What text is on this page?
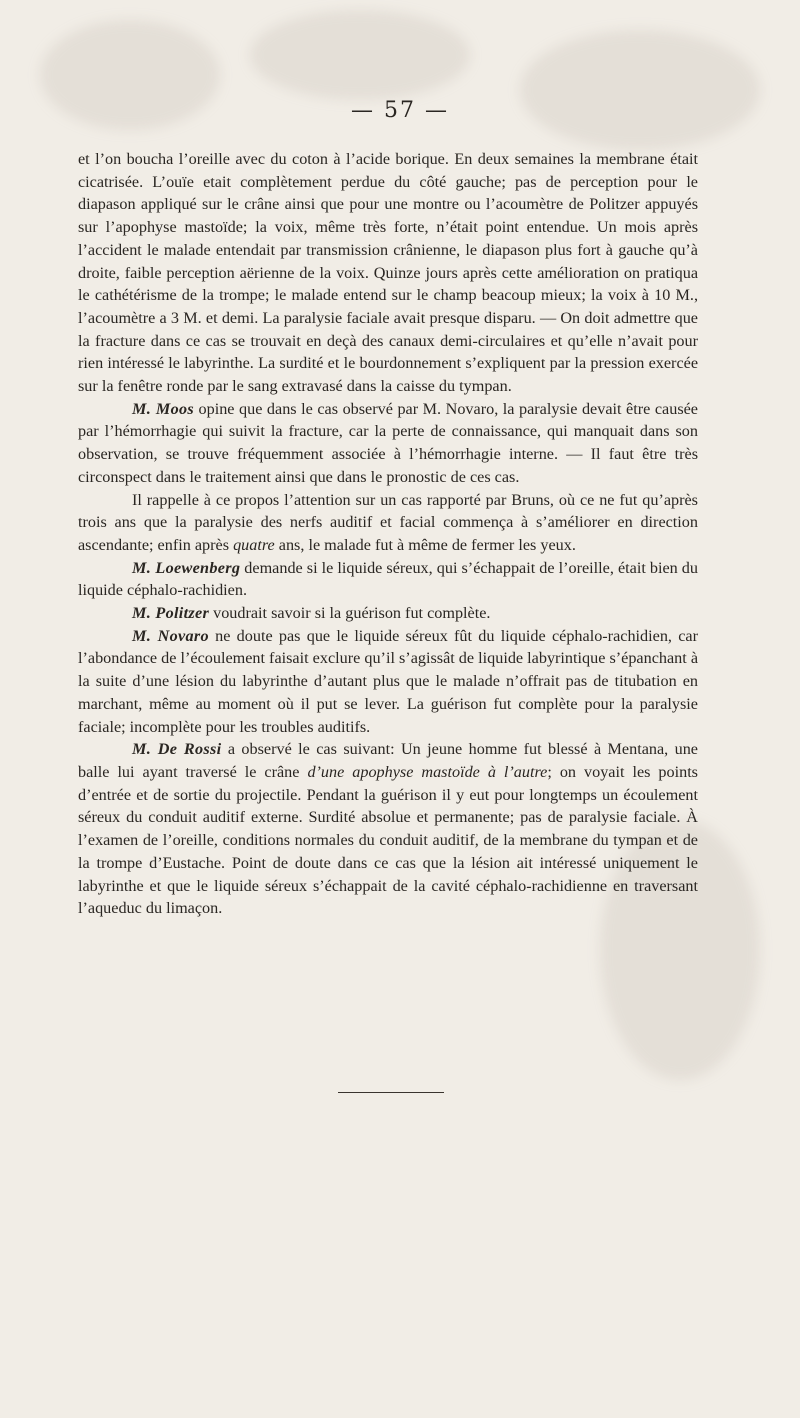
— 57 —

et l’on boucha l’oreille avec du coton à l’acide borique. En deux semaines la membrane était cicatrisée. L’ouïe etait complètement perdue du côté gauche; pas de perception pour le diapason appliqué sur le crâne ainsi que pour une montre ou l’acoumètre de Politzer appuyés sur l’apophyse mastoïde; la voix, même très forte, n’était point entendue. Un mois après l’accident le malade entendait par transmission crânienne, le diapason plus fort à gauche qu’à droite, faible perception aërienne de la voix. Quinze jours après cette amélioration on pratiqua le cathétérisme de la trompe; le malade entend sur le champ beacoup mieux; la voix à 10 M., l’acoumètre a 3 M. et demi. La paralysie faciale avait presque disparu. — On doit admettre que la fracture dans ce cas se trouvait en deçà des canaux demi-circulaires et qu’elle n’avait pour rien intéressé le labyrinthe. La surdité et le bourdonnement s’expliquent par la pression exercée sur la fenêtre ronde par le sang extravasé dans la caisse du tympan.

M. Moos opine que dans le cas observé par M. Novaro, la paralysie devait être causée par l’hémorrhagie qui suivit la fracture, car la perte de connaissance, qui manquait dans son observation, se trouve fréquemment associée à l’hémorrhagie interne. — Il faut être très circonspect dans le traitement ainsi que dans le pronostic de ces cas.

Il rappelle à ce propos l’attention sur un cas rapporté par Bruns, où ce ne fut qu’après trois ans que la paralysie des nerfs auditif et facial commença à s’améliorer en direction ascendante; enfin après quatre ans, le malade fut à même de fermer les yeux.

M. Loewenberg demande si le liquide séreux, qui s’échappait de l’oreille, était bien du liquide céphalo-rachidien.

M. Politzer voudrait savoir si la guérison fut complète.

M. Novaro ne doute pas que le liquide séreux fût du liquide céphalo-rachidien, car l’abondance de l’écoulement faisait exclure qu’il s’agissât de liquide labyrintique s’épanchant à la suite d’une lésion du labyrinthe d’autant plus que le malade n’offrait pas de titubation en marchant, même au moment où il put se lever. La guérison fut complète pour la paralysie faciale; incomplète pour les troubles auditifs.

M. De Rossi a observé le cas suivant: Un jeune homme fut blessé à Mentana, une balle lui ayant traversé le crâne d’une apophyse mastoïde à l’autre; on voyait les points d’entrée et de sortie du projectile. Pendant la guérison il y eut pour longtemps un écoulement séreux du conduit auditif externe. Surdité absolue et permanente; pas de paralysie faciale. À l’examen de l’oreille, conditions normales du conduit auditif, de la membrane du tympan et de la trompe d’Eustache. Point de doute dans ce cas que la lésion ait intéressé uniquement le labyrinthe et que le liquide séreux s’échappait de la cavité céphalo-rachidienne en traversant l’aqueduc du limaçon.
